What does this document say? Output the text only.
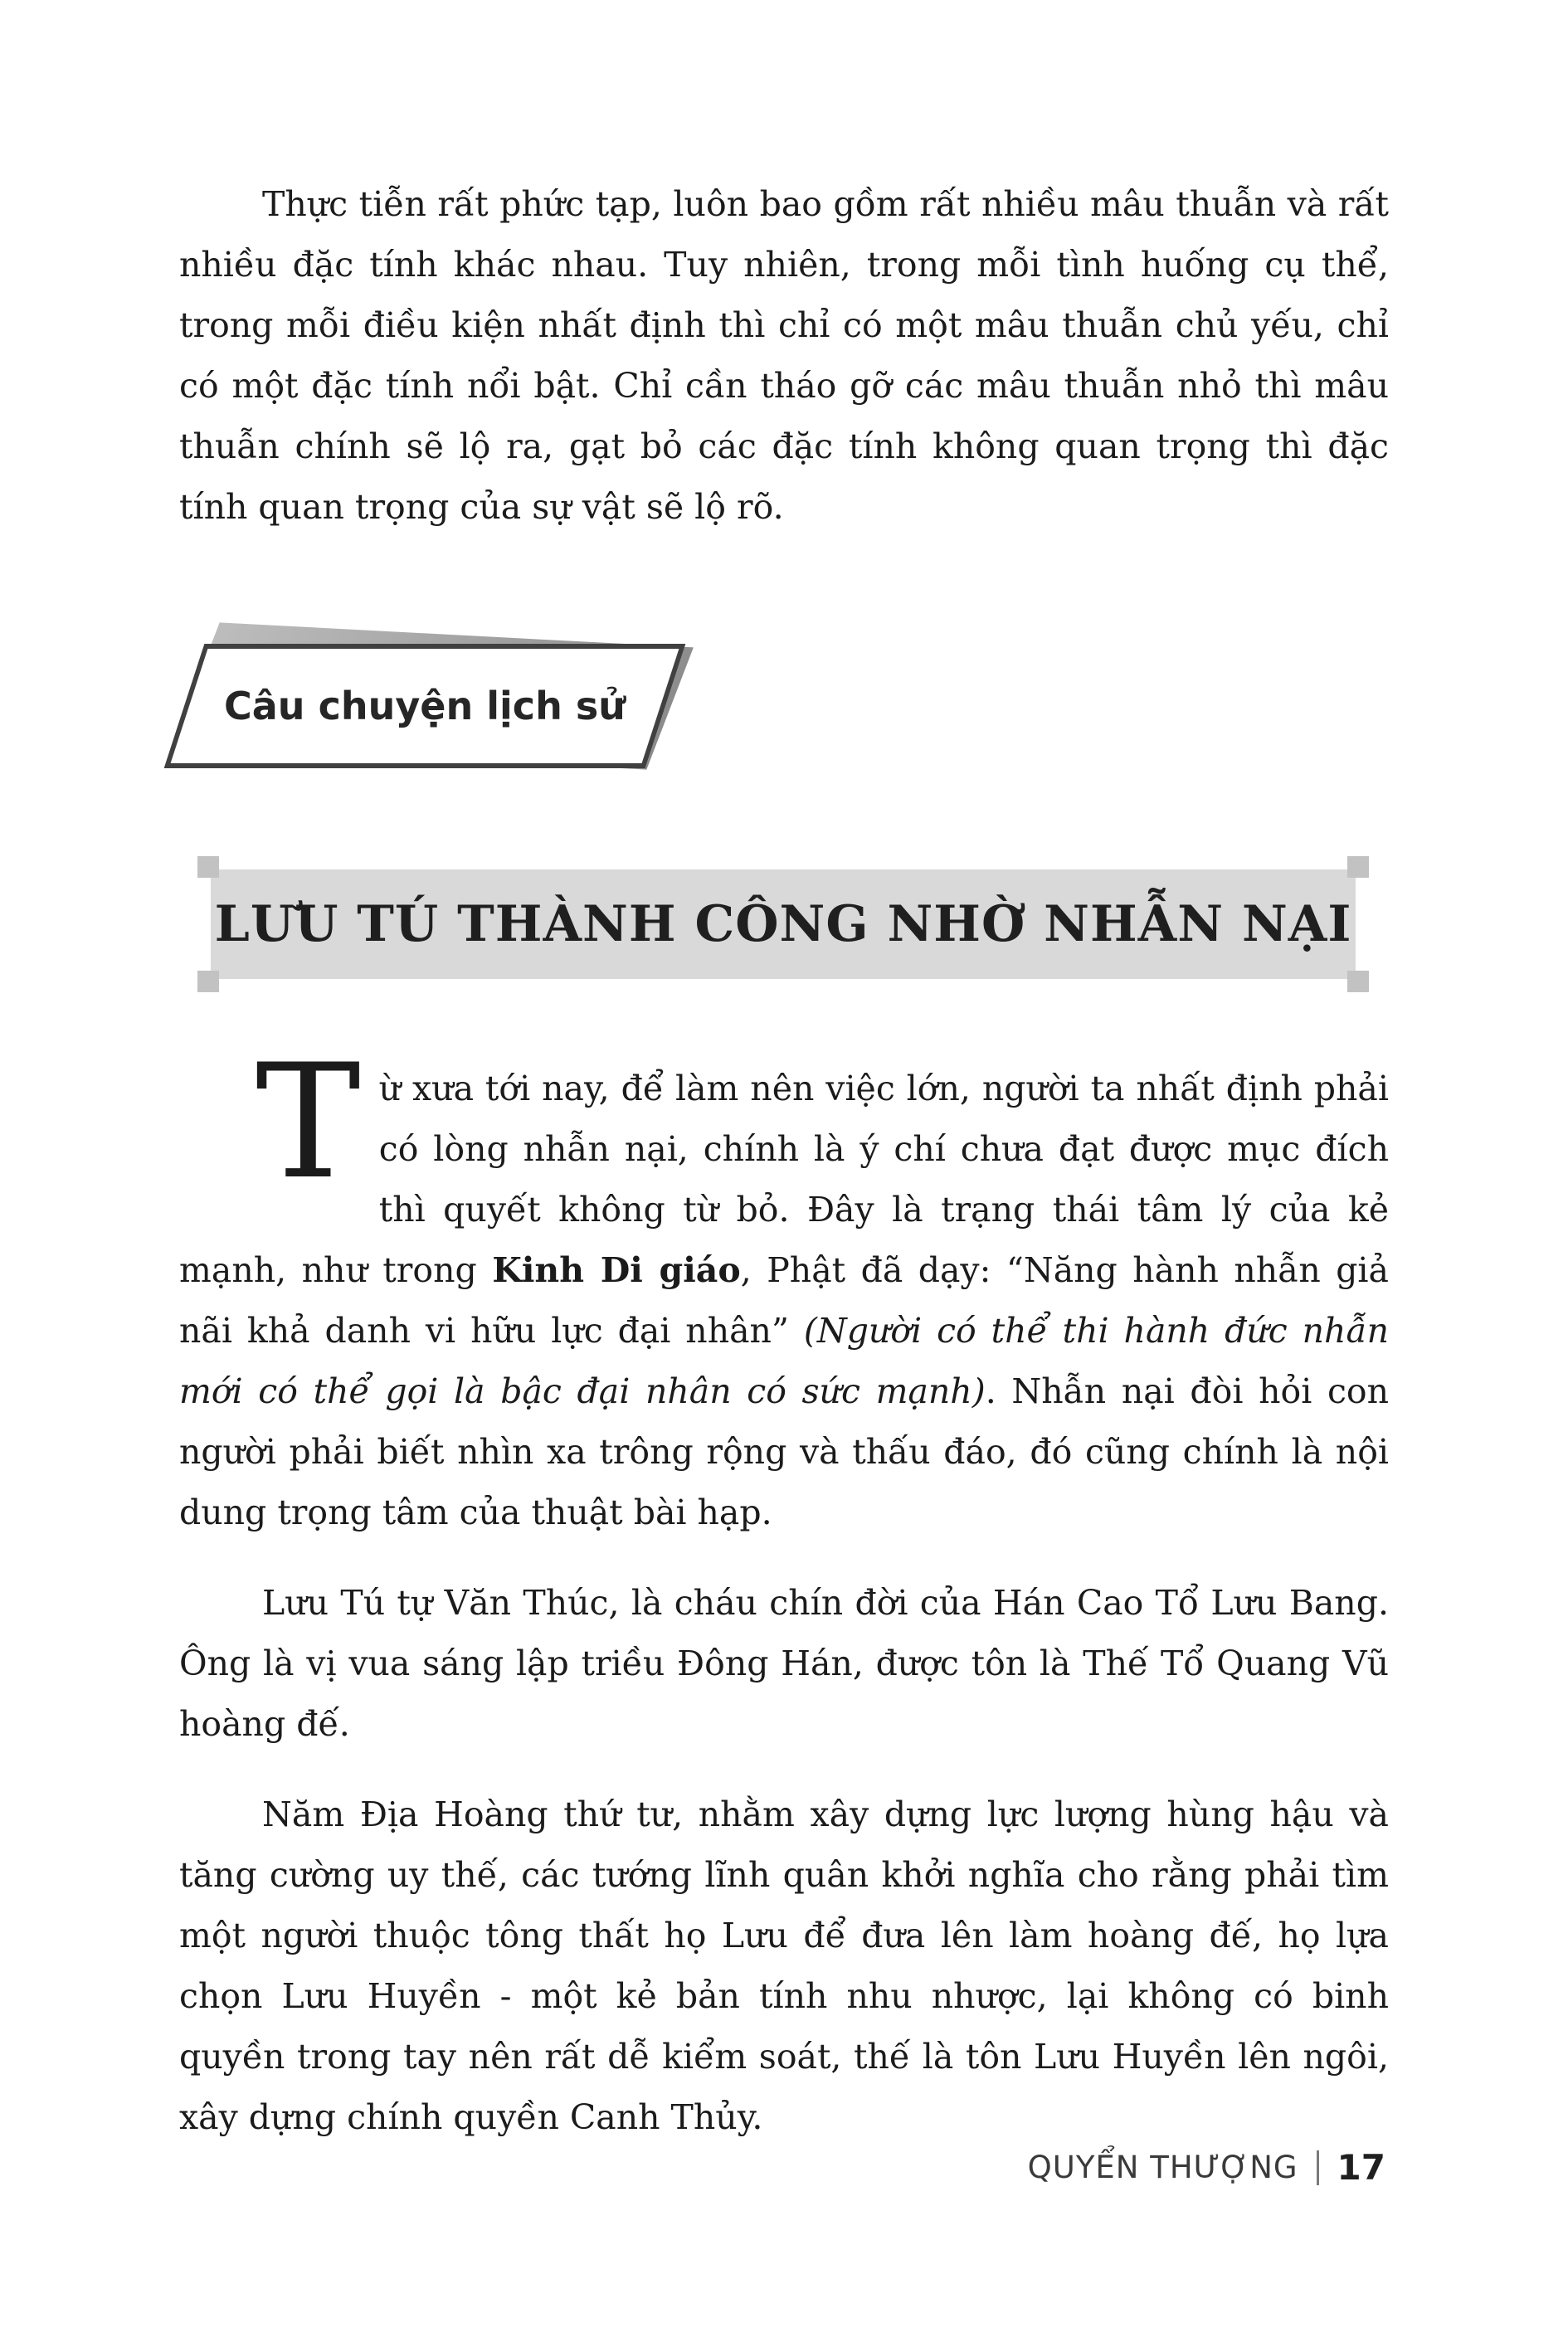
Thực tiễn rất phức tạp, luôn bao gồm rất nhiều mâu thuẫn và rất nhiều đặc tính khác nhau. Tuy nhiên, trong mỗi tình huống cụ thể, trong mỗi điều kiện nhất định thì chỉ có một mâu thuẫn chủ yếu, chỉ có một đặc tính nổi bật. Chỉ cần tháo gỡ các mâu thuẫn nhỏ thì mâu thuẫn chính sẽ lộ ra, gạt bỏ các đặc tính không quan trọng thì đặc tính quan trọng của sự vật sẽ lộ rõ.

Câu chuyện lịch sử
LƯU TÚ THÀNH CÔNG NHỜ NHẪN NẠI

Từ xưa tới nay, để làm nên việc lớn, người ta nhất định phải có lòng nhẫn nại, chính là ý chí chưa đạt được mục đích thì quyết không từ bỏ. Đây là trạng thái tâm lý của kẻ mạnh, như trong Kinh Di giáo, Phật đã dạy: “Năng hành nhẫn giả nãi khả danh vi hữu lực đại nhân” (Người có thể thi hành đức nhẫn mới có thể gọi là bậc đại nhân có sức mạnh). Nhẫn nại đòi hỏi con người phải biết nhìn xa trông rộng và thấu đáo, đó cũng chính là nội dung trọng tâm của thuật bài hạp.

Lưu Tú tự Văn Thúc, là cháu chín đời của Hán Cao Tổ Lưu Bang. Ông là vị vua sáng lập triều Đông Hán, được tôn là Thế Tổ Quang Vũ hoàng đế.

Năm Địa Hoàng thứ tư, nhằm xây dựng lực lượng hùng hậu và tăng cường uy thế, các tướng lĩnh quân khởi nghĩa cho rằng phải tìm một người thuộc tông thất họ Lưu để đưa lên làm hoàng đế, họ lựa chọn Lưu Huyền - một kẻ bản tính nhu nhược, lại không có binh quyền trong tay nên rất dễ kiểm soát, thế là tôn Lưu Huyền lên ngôi, xây dựng chính quyền Canh Thủy.

QUYỂN THƯỢNG 17
